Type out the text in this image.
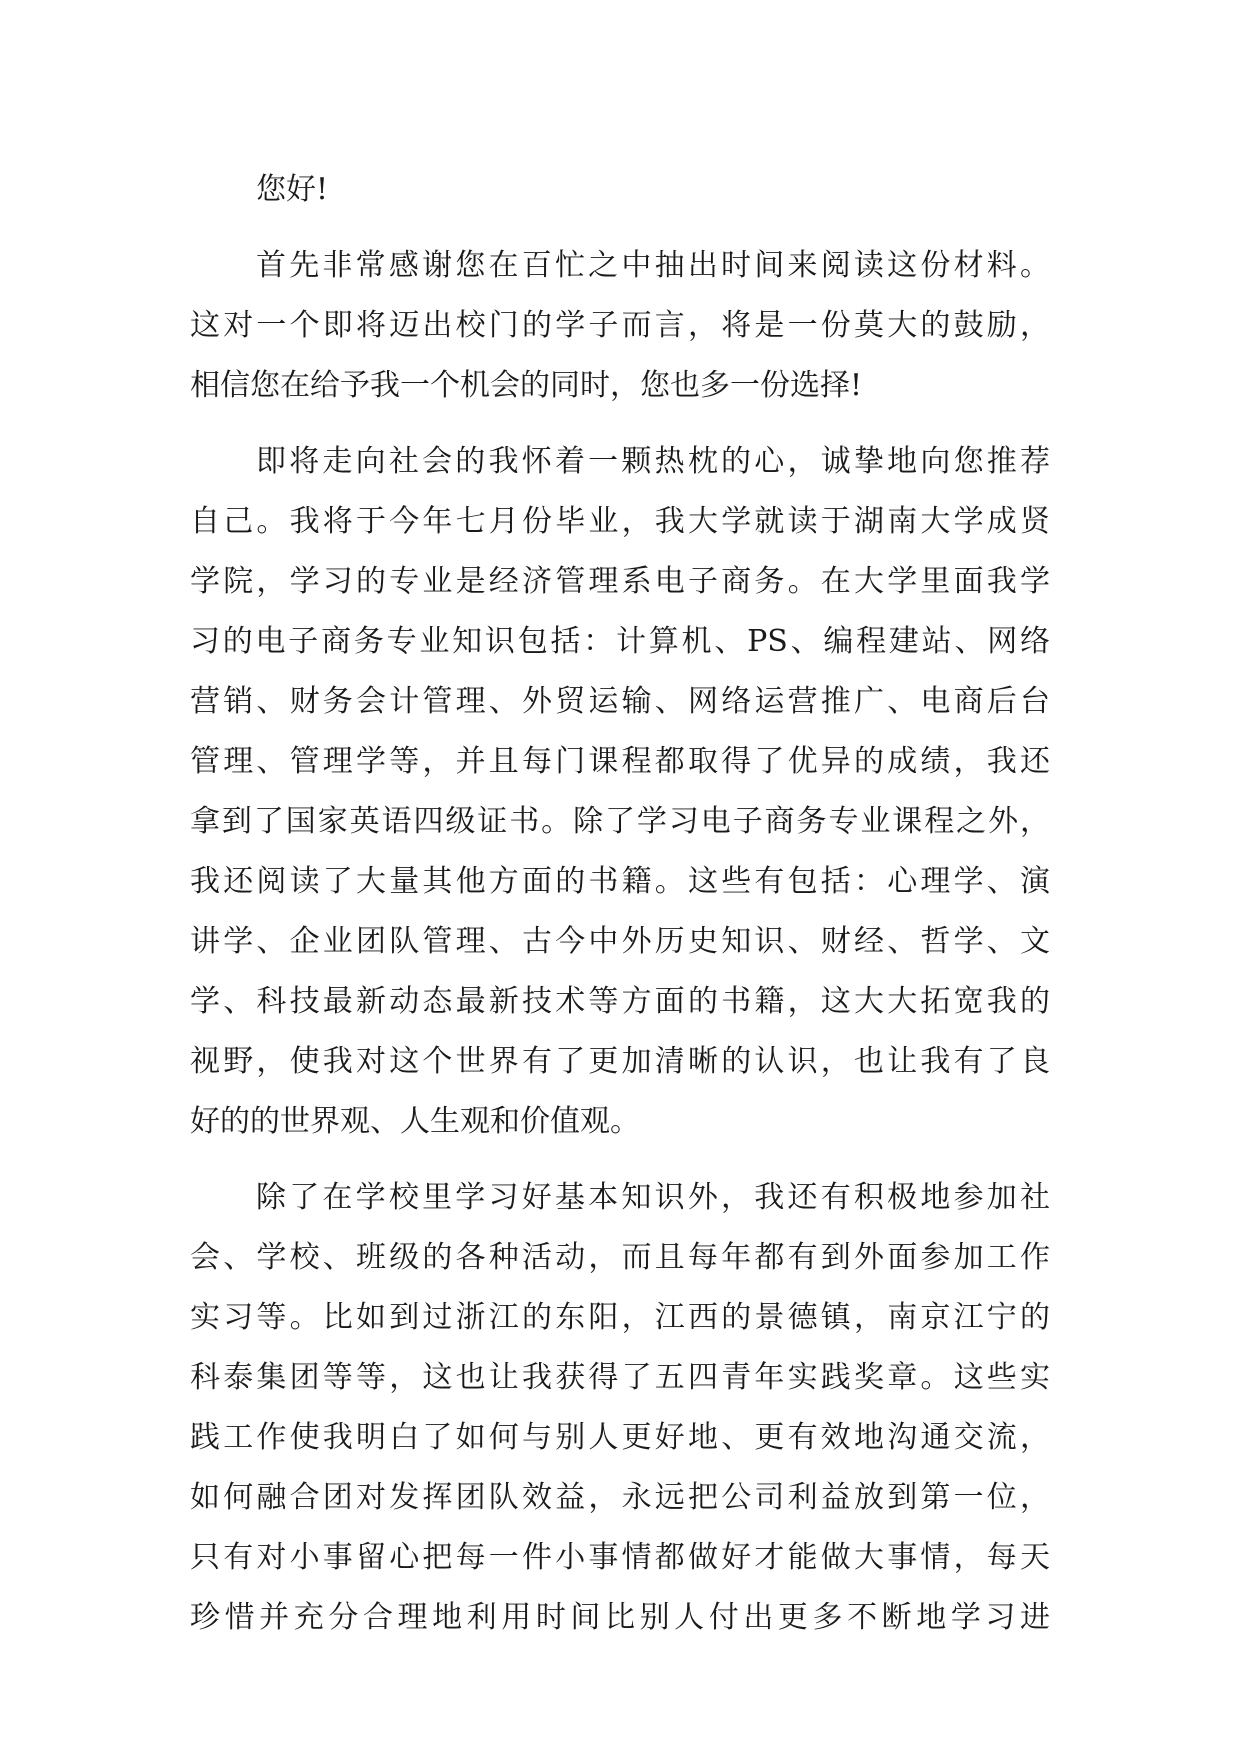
您好!
首先非常感谢您在百忙之中抽出时间来阅读这份材料。
这对一个即将迈出校门的学子而言，将是一份莫大的鼓励，
相信您在给予我一个机会的同时，您也多一份选择!
即将走向社会的我怀着一颗热枕的心，诚挚地向您推荐
自己。我将于今年七月份毕业，我大学就读于湖南大学成贤
学院，学习的专业是经济管理系电子商务。在大学里面我学
习的电子商务专业知识包括：计算机、PS、编程建站、网络
营销、财务会计管理、外贸运输、网络运营推广、电商后台
管理、管理学等，并且每门课程都取得了优异的成绩，我还
拿到了国家英语四级证书。除了学习电子商务专业课程之外，
我还阅读了大量其他方面的书籍。这些有包括：心理学、演
讲学、企业团队管理、古今中外历史知识、财经、哲学、文
学、科技最新动态最新技术等方面的书籍，这大大拓宽我的
视野，使我对这个世界有了更加清晰的认识，也让我有了良
好的的世界观、人生观和价值观。
除了在学校里学习好基本知识外，我还有积极地参加社
会、学校、班级的各种活动，而且每年都有到外面参加工作
实习等。比如到过浙江的东阳，江西的景德镇，南京江宁的
科泰集团等等，这也让我获得了五四青年实践奖章。这些实
践工作使我明白了如何与别人更好地、更有效地沟通交流，
如何融合团对发挥团队效益，永远把公司利益放到第一位，
只有对小事留心把每一件小事情都做好才能做大事情，每天
珍惜并充分合理地利用时间比别人付出更多不断地学习进
